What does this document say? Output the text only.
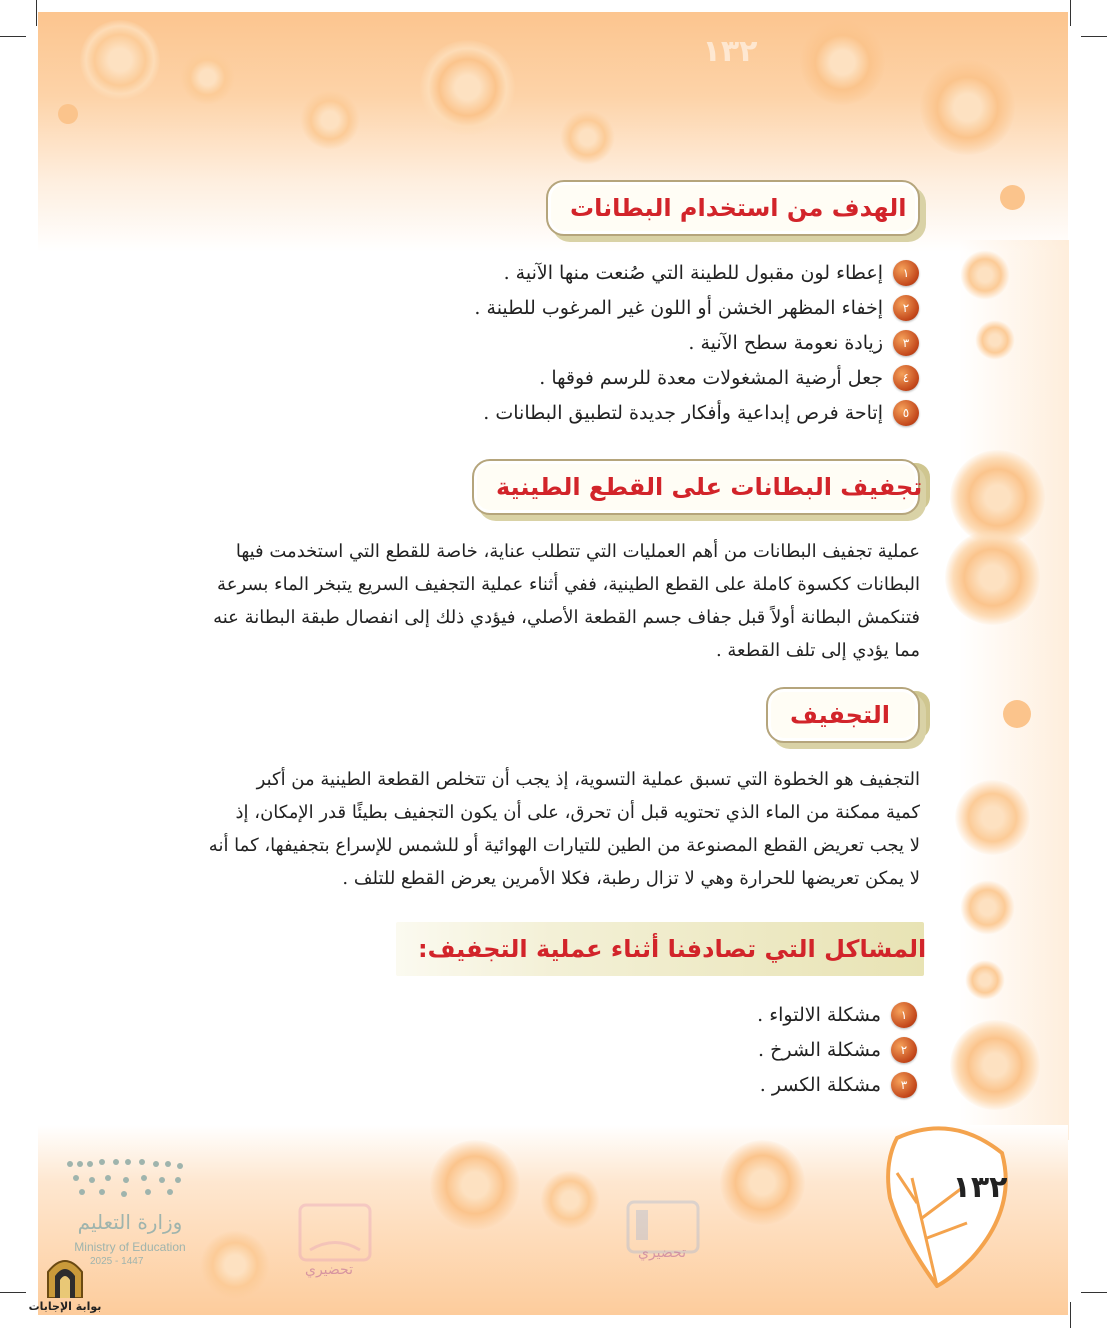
١٣٢
الهدف من استخدام البطانات
١
إعطاء لون مقبول للطينة التي صُنعت منها الآنية .
٢
إخفاء المظهر الخشن أو اللون غير المرغوب للطينة .
٣
زيادة نعومة سطح الآنية .
٤
جعل أرضية المشغولات معدة للرسم فوقها .
٥
إتاحة فرص إبداعية وأفكار جديدة لتطبيق البطانات .
تجفيف البطانات على القطع الطينية
عملية تجفيف البطانات من أهم العمليات التي تتطلب عناية، خاصة للقطع التي استخدمت فيها
البطانات ككسوة كاملة على القطع الطينية، ففي أثناء عملية التجفيف السريع يتبخر الماء بسرعة
فتنكمش البطانة أولاً قبل جفاف جسم القطعة الأصلي، فيؤدي ذلك إلى انفصال طبقة البطانة عنه
مما يؤدي إلى تلف القطعة .
التجفيف
التجفيف هو الخطوة التي تسبق عملية التسوية، إذ يجب أن تتخلص القطعة الطينية من أكبر
كمية ممكنة من الماء الذي تحتويه قبل أن تحرق، على أن يكون التجفيف بطيئًا قدر الإمكان، إذ
لا يجب تعريض القطع المصنوعة من الطين للتيارات الهوائية أو للشمس للإسراع بتجفيفها، كما أنه
لا يمكن تعريضها للحرارة وهي لا تزال رطبة، فكلا الأمرين يعرض القطع للتلف .
المشاكل التي تصادفنا أثناء عملية التجفيف:
١
مشكلة الالتواء .
٢
مشكلة الشرخ .
٣
مشكلة الكسر .
تحضيري
تحضيري
١٣٢
وزارة التعليم
Ministry of Education
2025 - 1447
بوابة الإجابات
